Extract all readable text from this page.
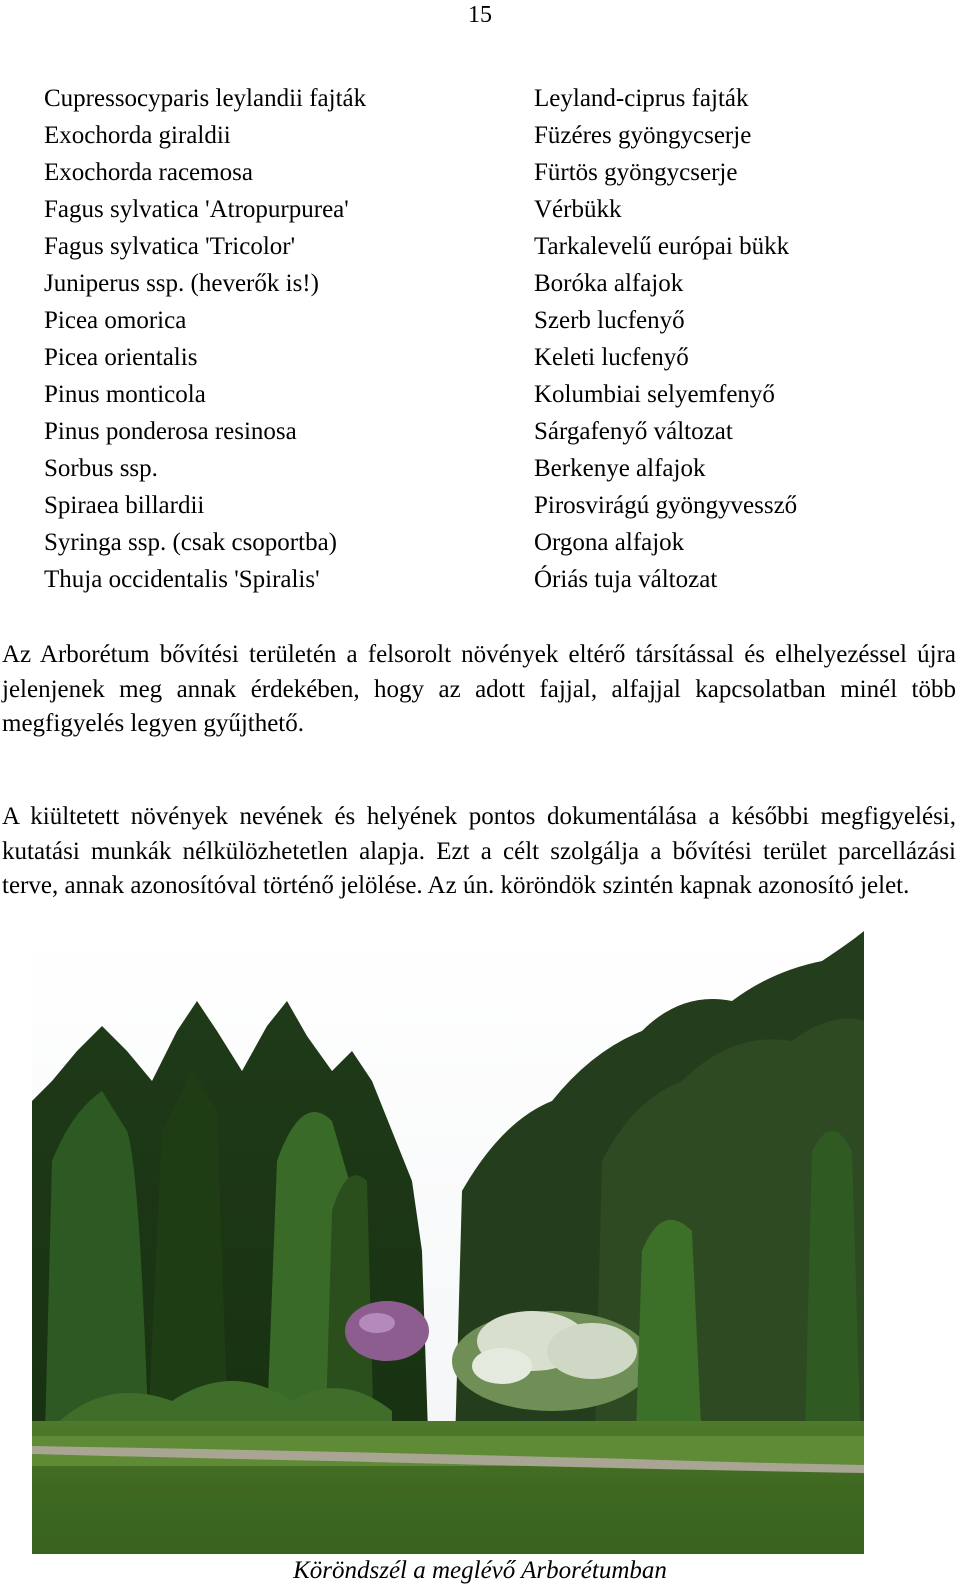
15
Cupressocyparis leylandii fajták	Leyland-ciprus fajták
Exochorda giraldii	Füzéres gyöngycserje
Exochorda racemosa	Fürtös gyöngycserje
Fagus sylvatica 'Atropurpurea'	Vérbükk
Fagus sylvatica 'Tricolor'	Tarkalevelű európai bükk
Juniperus ssp. (heverők is!)	Boróka alfajok
Picea omorica	Szerb lucfenyő
Picea orientalis	Keleti lucfenyő
Pinus monticola	Kolumbiai selyemfenyő
Pinus ponderosa resinosa	Sárgafenyő változat
Sorbus ssp.	Berkenye alfajok
Spiraea billardii	Pirosvirágú gyöngyvessző
Syringa ssp. (csak csoportba)	Orgona alfajok
Thuja occidentalis 'Spiralis'	Óriás tuja változat

Az Arborétum bővítési területén a felsorolt növények eltérő társítással és elhelyezéssel újra jelenjenek meg annak érdekében, hogy az adott fajjal, alfajjal kapcsolatban minél több megfigyelés legyen gyűjthető.

A kiültetett növények nevének és helyének pontos dokumentálása a későbbi megfigyelési, kutatási munkák nélkülözhetetlen alapja. Ezt a célt szolgálja a bővítési terület parcellázási terve, annak azonosítóval történő jelölése. Az ún. köröndök szintén kapnak azonosító jelet.

Köröndszél a meglévő Arborétumban
